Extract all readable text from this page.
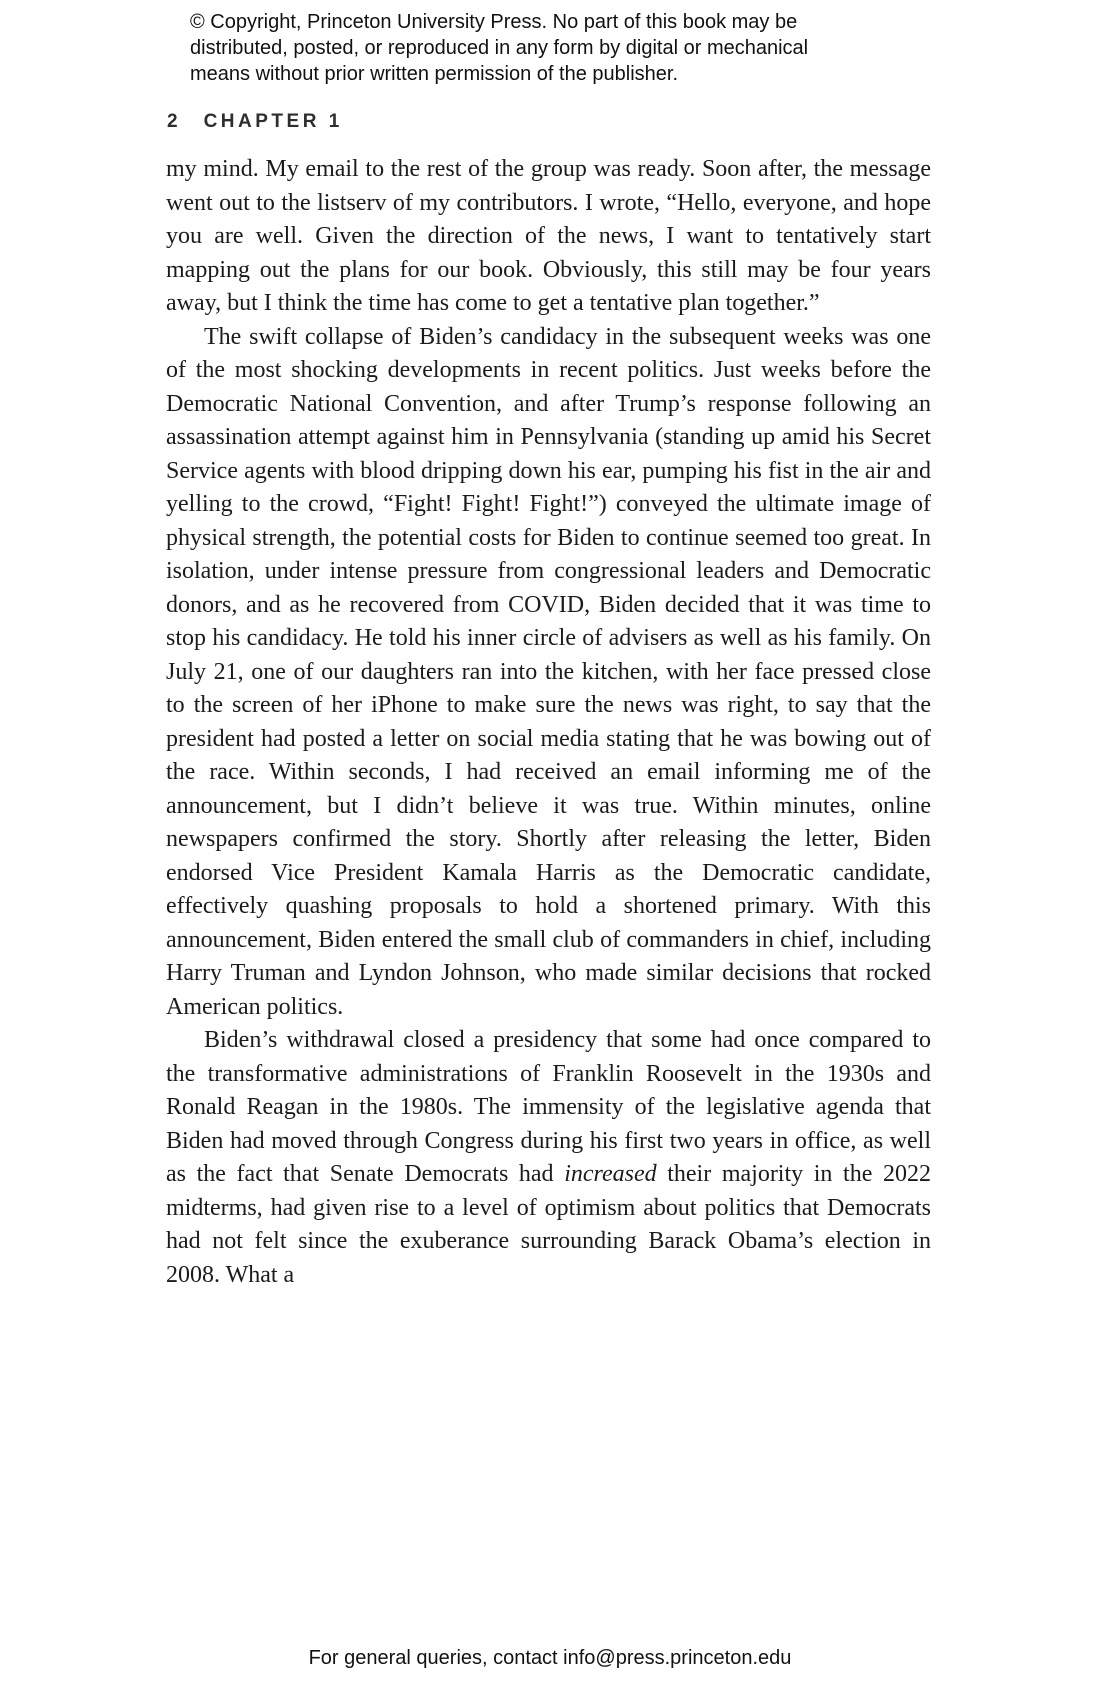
© Copyright, Princeton University Press. No part of this book may be
distributed, posted, or reproduced in any form by digital or mechanical
means without prior written permission of the publisher.
2 CHAPTER 1

my mind. My email to the rest of the group was ready. Soon after, the message went out to the listserv of my contributors. I wrote, “Hello, everyone, and hope you are well. Given the direction of the news, I want to tentatively start mapping out the plans for our book. Obviously, this still may be four years away, but I think the time has come to get a tentative plan together.”

The swift collapse of Biden’s candidacy in the subsequent weeks was one of the most shocking developments in recent politics. Just weeks before the Democratic National Convention, and after Trump’s response following an assassination attempt against him in Pennsylvania (standing up amid his Secret Service agents with blood dripping down his ear, pumping his fist in the air and yelling to the crowd, “Fight! Fight! Fight!”) conveyed the ultimate image of physical strength, the potential costs for Biden to continue seemed too great. In isolation, under intense pressure from congressional leaders and Democratic donors, and as he recovered from COVID, Biden decided that it was time to stop his candidacy. He told his inner circle of advisers as well as his family. On July 21, one of our daughters ran into the kitchen, with her face pressed close to the screen of her iPhone to make sure the news was right, to say that the president had posted a letter on social media stating that he was bowing out of the race. Within seconds, I had received an email informing me of the announcement, but I didn’t believe it was true. Within minutes, online newspapers confirmed the story. Shortly after releasing the letter, Biden endorsed Vice President Kamala Harris as the Democratic candidate, effectively quashing proposals to hold a shortened primary. With this announcement, Biden entered the small club of commanders in chief, including Harry Truman and Lyndon Johnson, who made similar decisions that rocked American politics.

Biden’s withdrawal closed a presidency that some had once compared to the transformative administrations of Franklin Roosevelt in the 1930s and Ronald Reagan in the 1980s. The immensity of the legislative agenda that Biden had moved through Congress during his first two years in office, as well as the fact that Senate Democrats had increased their majority in the 2022 midterms, had given rise to a level of optimism about politics that Democrats had not felt since the exuberance surrounding Barack Obama’s election in 2008. What a

For general queries, contact info@press.princeton.edu
